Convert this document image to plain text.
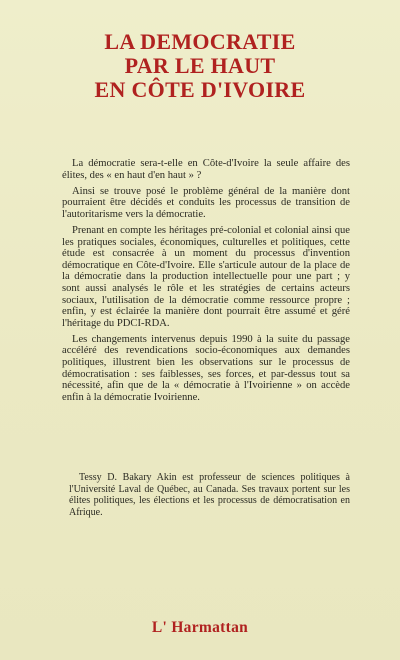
LA DEMOCRATIE
PAR LE HAUT
EN CÔTE D'IVOIRE

La démocratie sera-t-elle en Côte-d'Ivoire la seule affaire des élites, des « en haut d'en haut » ?

Ainsi se trouve posé le problème général de la manière dont pourraient être décidés et conduits les processus de transition de l'autoritarisme vers la démocratie.

Prenant en compte les héritages pré-colonial et colonial ainsi que les pratiques sociales, économiques, culturelles et politiques, cette étude est consacrée à un moment du processus d'invention démocratique en Côte-d'Ivoire. Elle s'articule autour de la place de la démocratie dans la production intellectuelle pour une part ; y sont aussi analysés le rôle et les stratégies de certains acteurs sociaux, l'utilisation de la démocratie comme ressource propre ; enfin, y est éclairée la manière dont pourrait être assumé et géré l'héritage du PDCI-RDA.

Les changements intervenus depuis 1990 à la suite du passage accéléré des revendications socio-économiques aux demandes politiques, illustrent bien les observations sur le processus de démocratisation : ses faiblesses, ses forces, et par-dessus tout sa nécessité, afin que de la « démocratie à l'Ivoirienne » on accède enfin à la démocratie Ivoirienne.

Tessy D. Bakary Akin est professeur de sciences politiques à l'Université Laval de Québec, au Canada. Ses travaux portent sur les élites politiques, les élections et les processus de démocratisation en Afrique.

L' Harmattan
